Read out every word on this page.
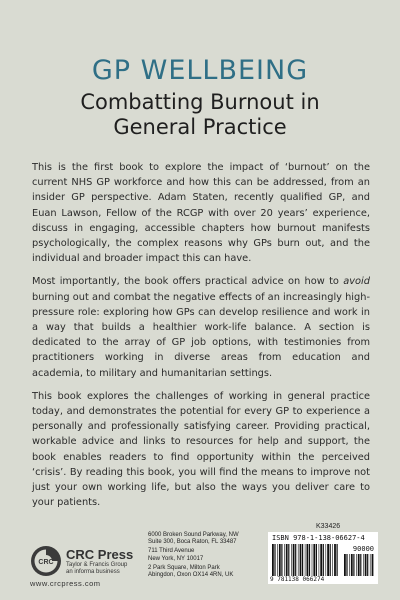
GP WELLBEING
Combatting Burnout in
General Practice

This is the first book to explore the impact of ‘burnout’ on the current NHS GP workforce and how this can be addressed, from an insider GP perspective. Adam Staten, recently qualified GP, and Euan Lawson, Fellow of the RCGP with over 20 years’ experience, discuss in engaging, accessible chapters how burnout manifests psychologically, the complex reasons why GPs burn out, and the individual and broader impact this can have.

Most importantly, the book offers practical advice on how to avoid burning out and combat the negative effects of an increasingly high-pressure role: exploring how GPs can develop resilience and work in a way that builds a healthier work-life balance. A section is dedicated to the array of GP job options, with testimonies from practitioners working in diverse areas from education and academia, to military and humanitarian settings.

This book explores the challenges of working in general practice today, and demonstrates the potential for every GP to experience a personally and professionally satisfying career. Providing practical, workable advice and links to resources for help and support, the book enables readers to find opportunity within the perceived ‘crisis’. By reading this book, you will find the means to improve not just your own working life, but also the ways you deliver care to your patients.

CRC
CRC Press
Taylor & Francis Group
an informa business
www.crcpress.com
6000 Broken Sound Parkway, NW
Suite 300, Boca Raton, FL 33487
711 Third Avenue
New York, NY 10017
2 Park Square, Milton Park
Abingdon, Oxon OX14 4RN, UK
K33426
ISBN 978-1-138-06627-4
90000
9 781138 066274
